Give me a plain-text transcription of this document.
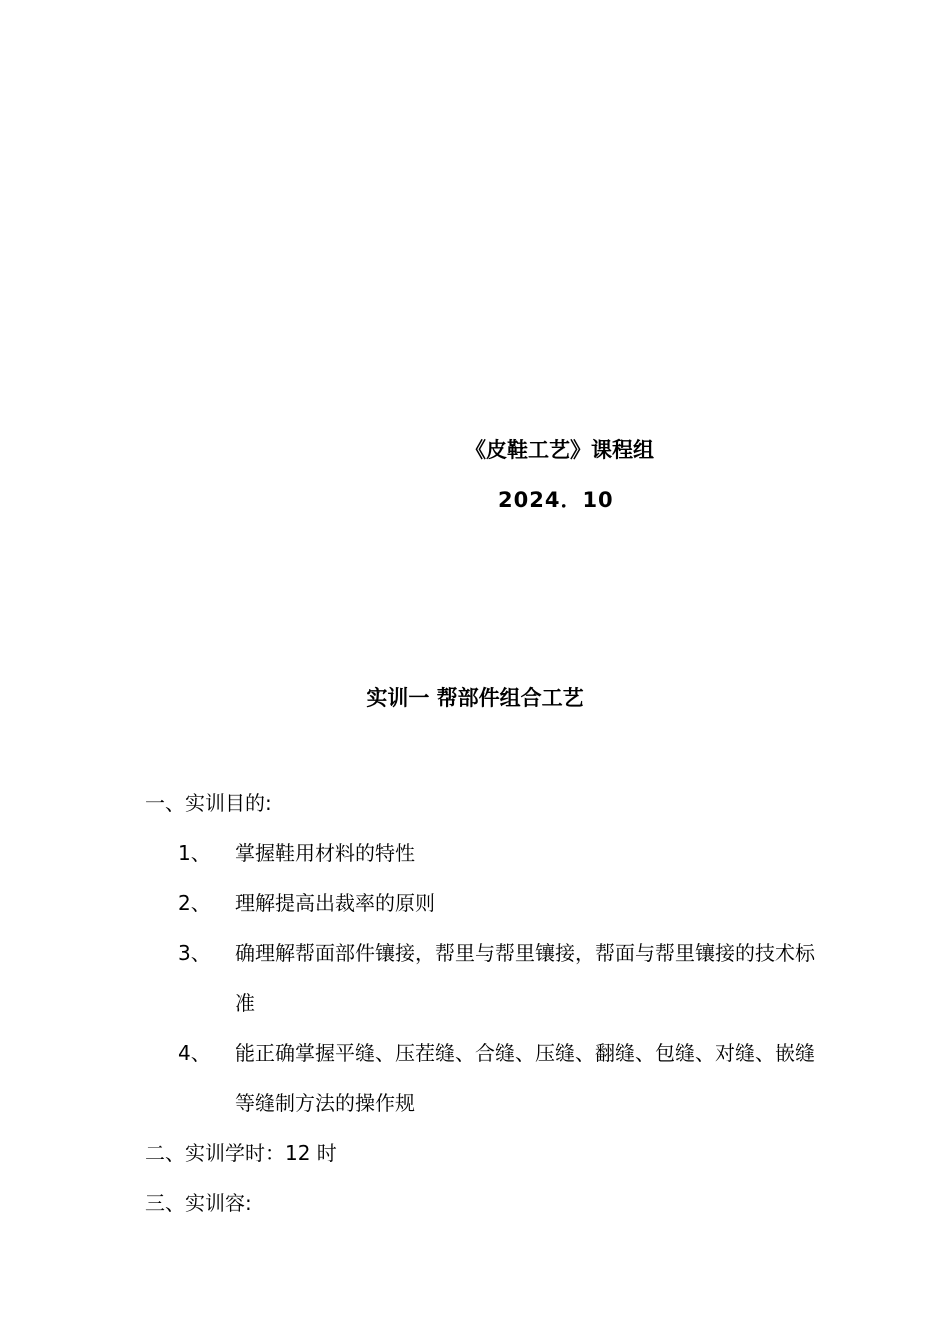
《皮鞋工艺》课程组
2024．10
实训一 帮部件组合工艺
一、实训目的:
1、 掌握鞋用材料的特性
2、 理解提高出裁率的原则
3、 确理解帮面部件镶接，帮里与帮里镶接，帮面与帮里镶接的技术标准
4、 能正确掌握平缝、压茬缝、合缝、压缝、翻缝、包缝、对缝、嵌缝等缝制方法的操作规
二、实训学时：12 时
三、实训容:
